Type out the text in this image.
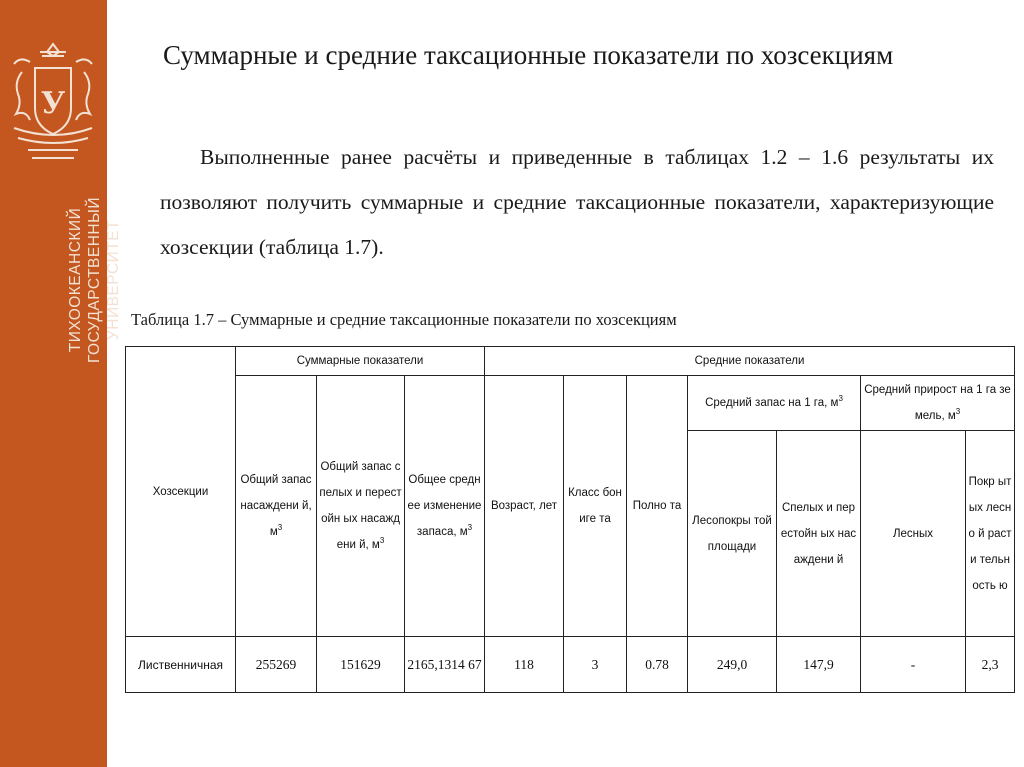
У
ТИХООКЕАНСКИЙ ГОСУДАРСТВЕННЫЙ УНИВЕРСИТЕТ
Суммарные и средние таксационные показатели по хозсекциям

Выполненные ранее расчёты и приведенные в таблицах 1.2 – 1.6 результаты их позволяют получить суммарные и средние таксационные показатели, характеризующие хозсекции (таблица 1.7).

Таблица 1.7 – Суммарные и средние таксационные показатели по хозсекциям
Хозсекции	Суммарные показатели			Средние показатели						
	Общий запас насаждени й, $м^3$	Общий запас спелых и перестойн ых насаждени й, $м^3$	Общее среднее изменение запаса, $м^3$	Возраст, лет	Класс бониге та	Полно та	Средний запас на 1 га, $м^3$		Средний прирост на 1 га земель, $м^3$
							Лесопокры той площади	Спелых и перестойн ых насаждени й	Лесных	Покр ытых лесно й расти тельн ость ю
Лиственничная	255269	151629	2165,1314 67	118	3	0.78	249,0	147,9	-	2,3
